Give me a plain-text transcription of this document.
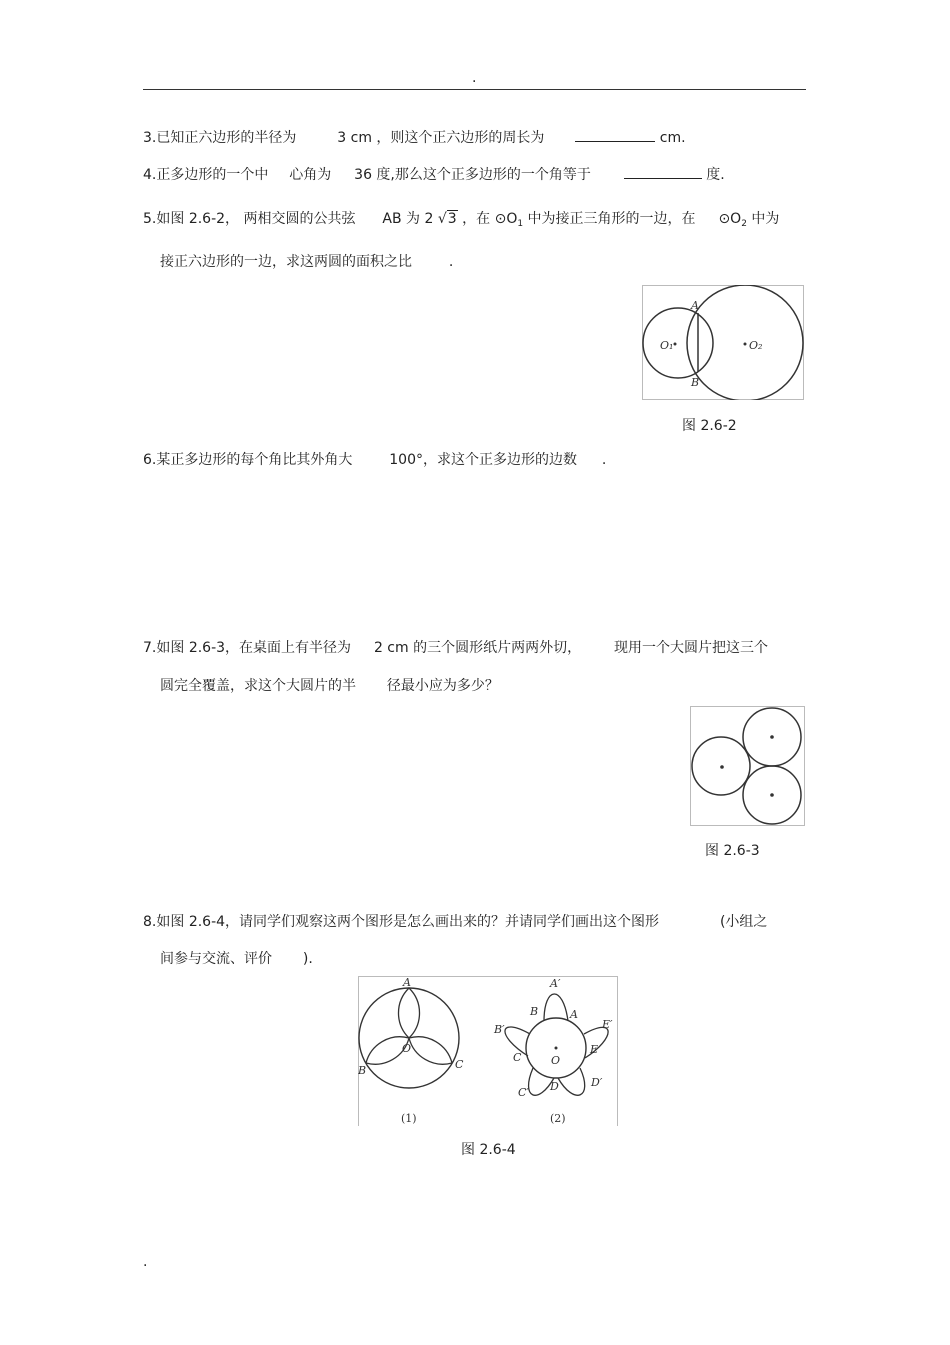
.
3.已知正六边形的半径为	3 cm ，则这个正六边形的周长为	cm.
4.正多边形的一个中 心角为 36 度,那么这个正多边形的一个角等于	度.
5.如图 2.6-2， 两相交圆的公共弦 AB 为 2 √3 ，在 $⊙O_1$ 中为接正三角形的一边，在 $⊙O_2$ 中为
接正六边形的一边，求这两圆的面积之比	.
A
B
O₁	O₂
图 2.6-2
6.某正多边形的每个角比其外角大	100°，求这个正多边形的边数 .
7.如图 2.6-3，在桌面上有半径为 2 cm 的三个圆形纸片两两外切， 现用一个大圆片把这三个
圆完全覆盖，求这个大圆片的半 径最小应为多少？
图 2.6-3
8.如图 2.6-4，请同学们观察这两个图形是怎么画出来的？并请同学们画出这个图形	(小组之
间参与交流、评价 ).
A
B	C
O
(1)
A′
B	A
B′	E′
E
C	O
D	D′
C′
(2)
图 2.6-4
.
